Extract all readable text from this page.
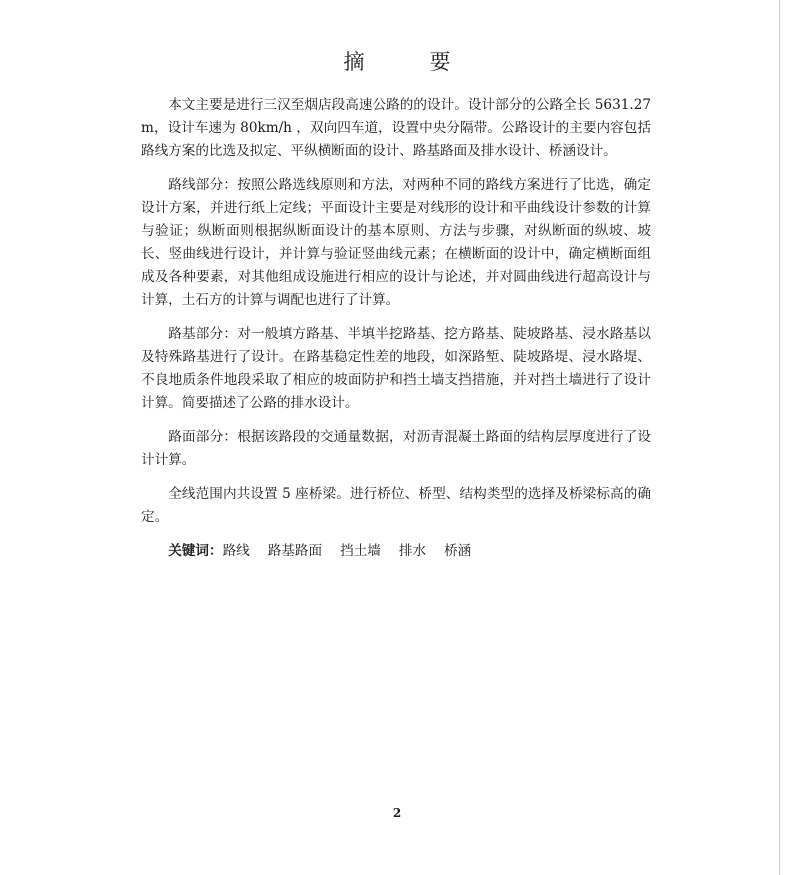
摘　要

本文主要是进行三汉至烟店段高速公路的的设计。设计部分的公路全长 5631.27 m，设计车速为 80km/h ，双向四车道，设置中央分隔带。公路设计的主要内容包括路线方案的比选及拟定、平纵横断面的设计、路基路面及排水设计、桥涵设计。

路线部分：按照公路选线原则和方法，对两种不同的路线方案进行了比选，确定设计方案，并进行纸上定线；平面设计主要是对线形的设计和平曲线设计参数的计算与验证；纵断面则根据纵断面设计的基本原则、方法与步骤，对纵断面的纵坡、坡长、竖曲线进行设计，并计算与验证竖曲线元素；在横断面的设计中，确定横断面组成及各种要素，对其他组成设施进行相应的设计与论述，并对圆曲线进行超高设计与计算，土石方的计算与调配也进行了计算。

路基部分：对一般填方路基、半填半挖路基、挖方路基、陡坡路基、浸水路基以及特殊路基进行了设计。在路基稳定性差的地段，如深路堑、陡坡路堤、浸水路堤、不良地质条件地段采取了相应的坡面防护和挡土墙支挡措施，并对挡土墙进行了设计计算。简要描述了公路的排水设计。

路面部分：根据该路段的交通量数据，对沥青混凝土路面的结构层厚度进行了设计计算。

全线范围内共设置 5 座桥梁。进行桥位、桥型、结构类型的选择及桥梁标高的确定。

关键词：路线 路基路面 挡土墙 排水 桥涵

2
